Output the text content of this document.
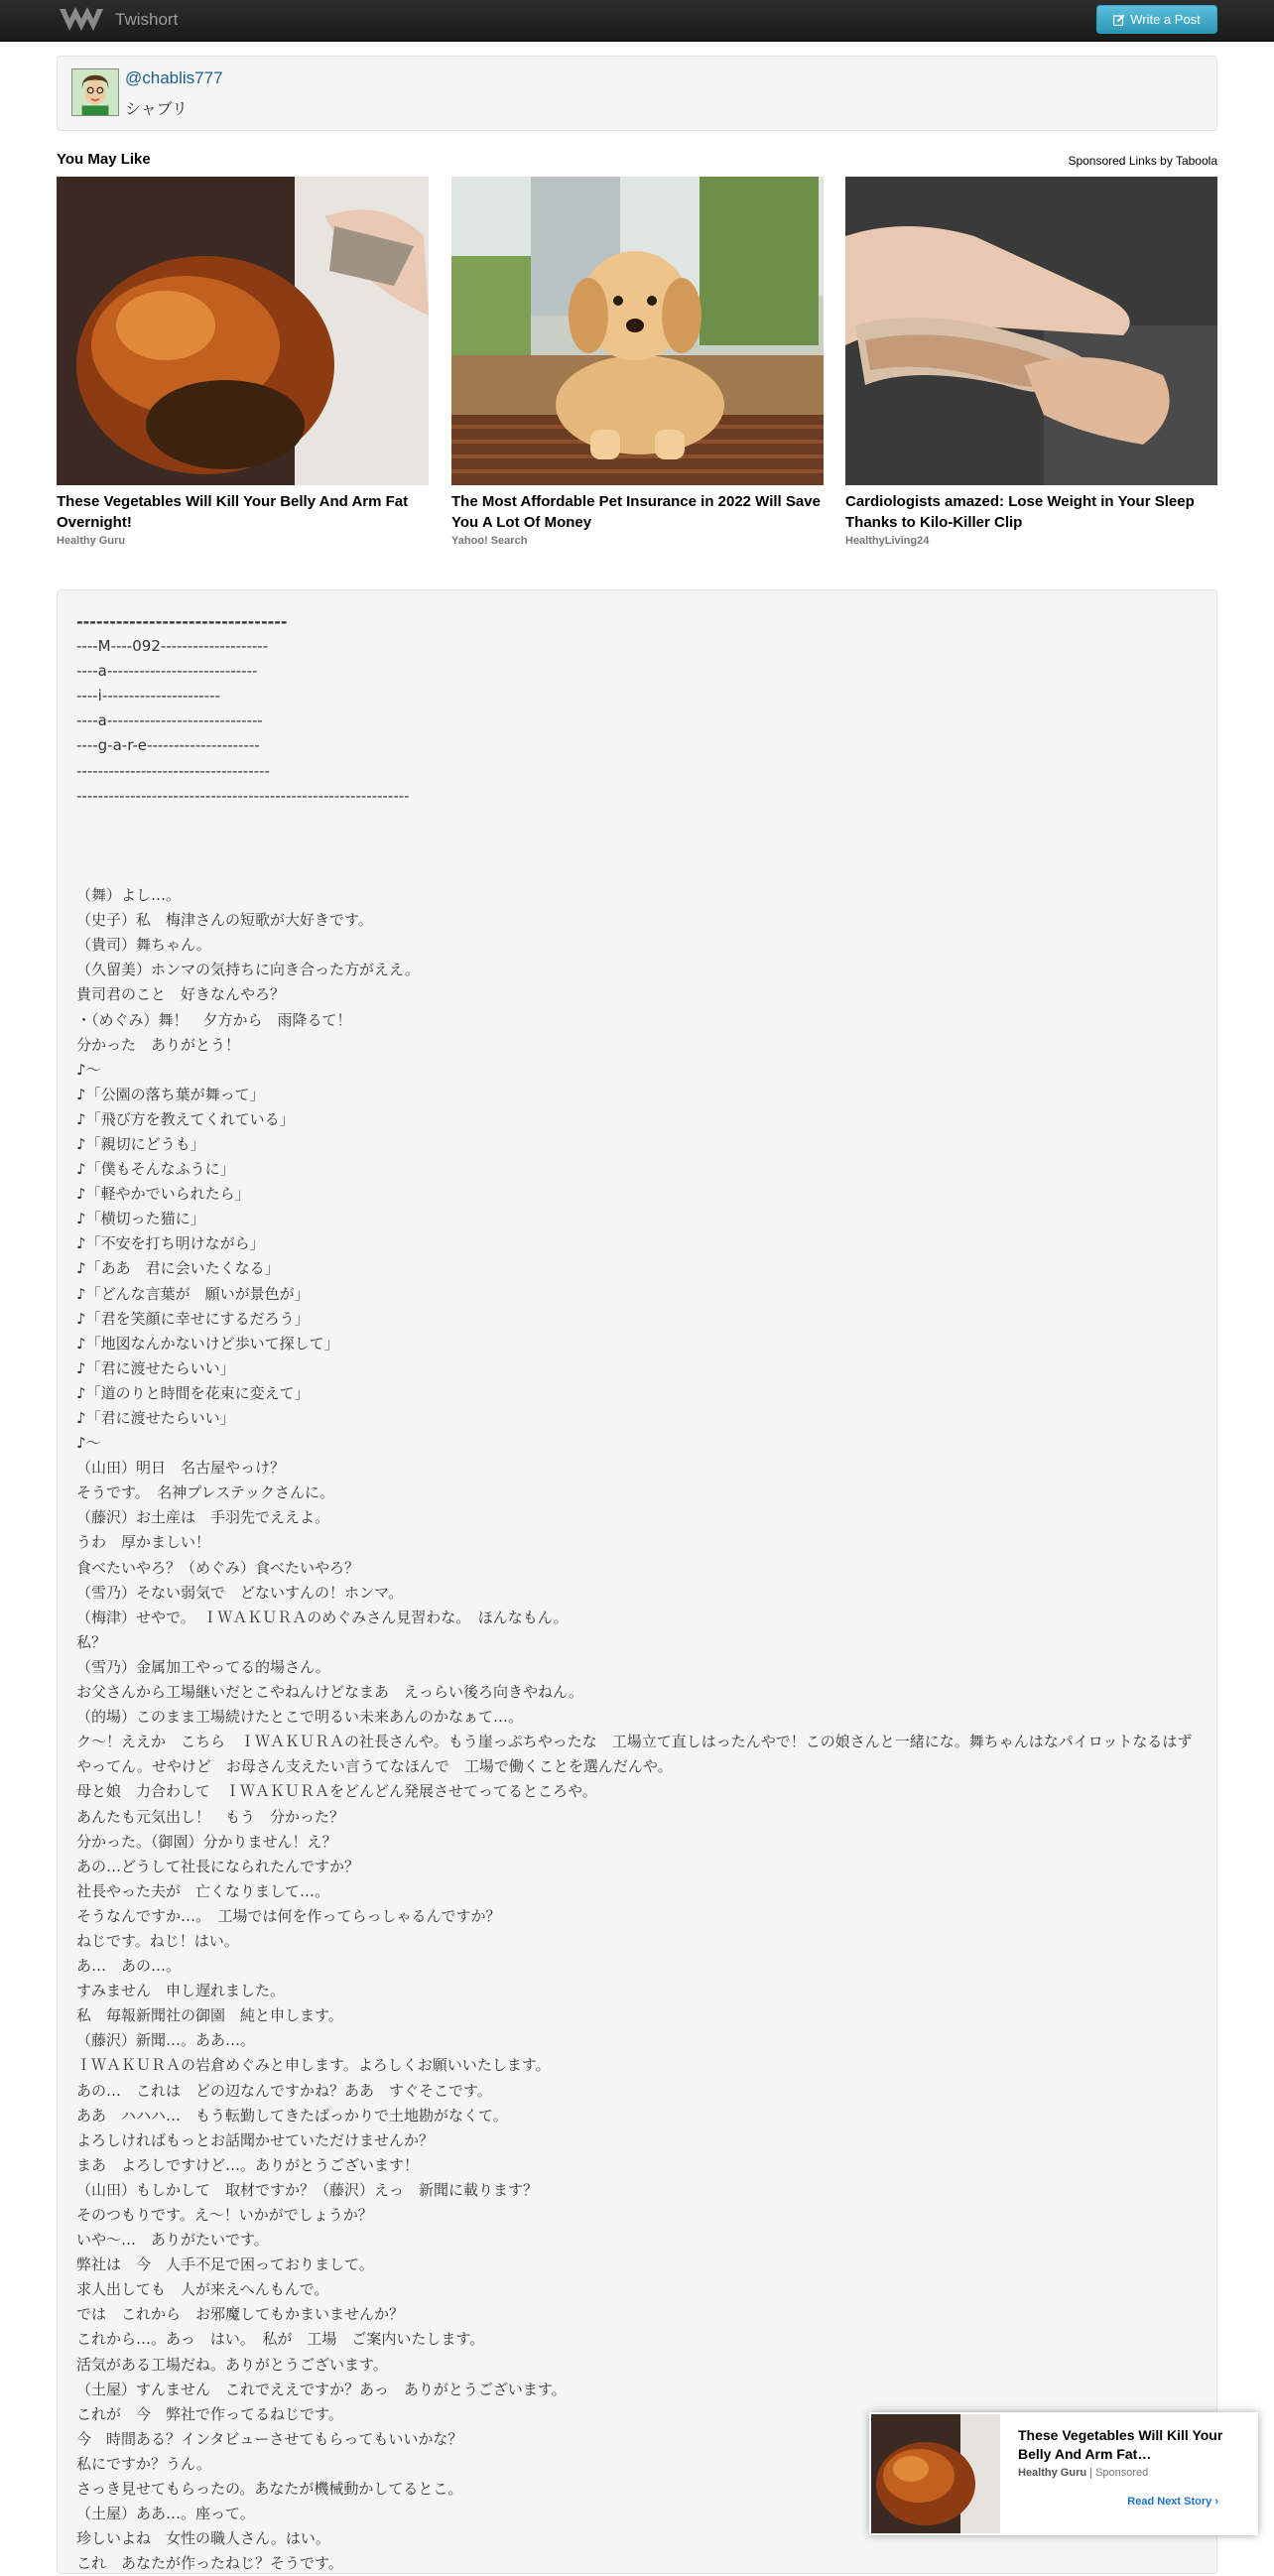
Twishort	Write a Post
@chablis777
シャブリ
You May Like	Sponsored Links by Taboola
These Vegetables Will Kill Your Belly And Arm Fat Overnight!
Healthy Guru
The Most Affordable Pet Insurance in 2022 Will Save You A Lot Of Money
Yahoo! Search
Cardiologists amazed: Lose Weight in Your Sleep Thanks to Kilo-Killer Clip
HealthyLiving24
--------------------------------
----M----092--------------------
----a----------------------------
----i----------------------
----a-----------------------------
----g-a-r-e---------------------
------------------------------------
--------------------------------------------------------------
（舞）よし…。
（史子）私　梅津さんの短歌が大好きです。
（貴司）舞ちゃん。
（久留美）ホンマの気持ちに向き合った方がええ。
貴司君のこと　好きなんやろ？
・（めぐみ）舞！　夕方から　雨降るて！
分かった　ありがとう！
♪～
♪「公園の落ち葉が舞って」
♪「飛び方を教えてくれている」
♪「親切にどうも」
♪「僕もそんなふうに」
♪「軽やかでいられたら」
♪「横切った猫に」
♪「不安を打ち明けながら」
♪「ああ　君に会いたくなる」
♪「どんな言葉が　願いが景色が」
♪「君を笑顔に幸せにするだろう」
♪「地図なんかないけど歩いて探して」
♪「君に渡せたらいい」
♪「道のりと時間を花束に変えて」
♪「君に渡せたらいい」
♪～
（山田）明日　名古屋やっけ？
そうです。　名神プレステックさんに。
（藤沢）お土産は　手羽先でええよ。
うわ　厚かましい！
食べたいやろ？（めぐみ）食べたいやろ？
（雪乃）そない弱気で　どないすんの！ホンマ。
（梅津）せやで。　ＩＷＡＫＵＲＡのめぐみさん見習わな。　ほんなもん。
私？
（雪乃）金属加工やってる的場さん。
お父さんから工場継いだとこやねんけどなまあ　えっらい後ろ向きやねん。
（的場）このまま工場続けたとこで明るい未来あんのかなぁて…。
ク～！ええか　こちら　ＩＷＡＫＵＲＡの社長さんや。もう崖っぷちやったな　工場立て直しはったんやで！この娘さんと一緒にな。舞ちゃんはなパイロットなるはずやってん。せやけど　お母さん支えたい言うてなほんで　工場で働くことを選んだんや。
母と娘　力合わして　ＩＷＡＫＵＲＡをどんどん発展させてってるところや。
あんたも元気出し！　もう　分かった？
分かった。（御園）分かりません！え？
あの…どうして社長になられたんですか？
社長やった夫が　亡くなりまして…。
そうなんですか…。　工場では何を作ってらっしゃるんですか？
ねじです。ねじ！はい。
あ…　あの…。
すみません　申し遅れました。
私　毎報新聞社の御園　純と申します。
（藤沢）新聞…。ああ…。
ＩＷＡＫＵＲＡの岩倉めぐみと申します。よろしくお願いいたします。
あの…　これは　どの辺なんですかね？ああ　すぐそこです。
ああ　ハハハ…　もう転勤してきたばっかりで土地勘がなくて。
よろしければもっとお話聞かせていただけませんか？
まあ　よろしですけど…。ありがとうございます！
（山田）もしかして　取材ですか？（藤沢）えっ　新聞に載ります？
そのつもりです。え～！いかがでしょうか？
いや～…　ありがたいです。
弊社は　今　人手不足で困っておりまして。
求人出しても　人が来えへんもんで。
では　これから　お邪魔してもかまいませんか？
これから…。あっ　はい。　私が　工場　ご案内いたします。
活気がある工場だね。ありがとうございます。
（土屋）すんません　これでええですか？あっ　ありがとうございます。
これが　今　弊社で作ってるねじです。
今　時間ある？インタビューさせてもらってもいいかな？
私にですか？うん。
さっき見せてもらったの。あなたが機械動かしてるとこ。
（土屋）ああ…。座って。
珍しいよね　女性の職人さん。はい。
これ　あなたが作ったねじ？そうです。
These Vegetables Will Kill Your Belly And Arm Fat…
Healthy Guru | Sponsored
Read Next Story ›
